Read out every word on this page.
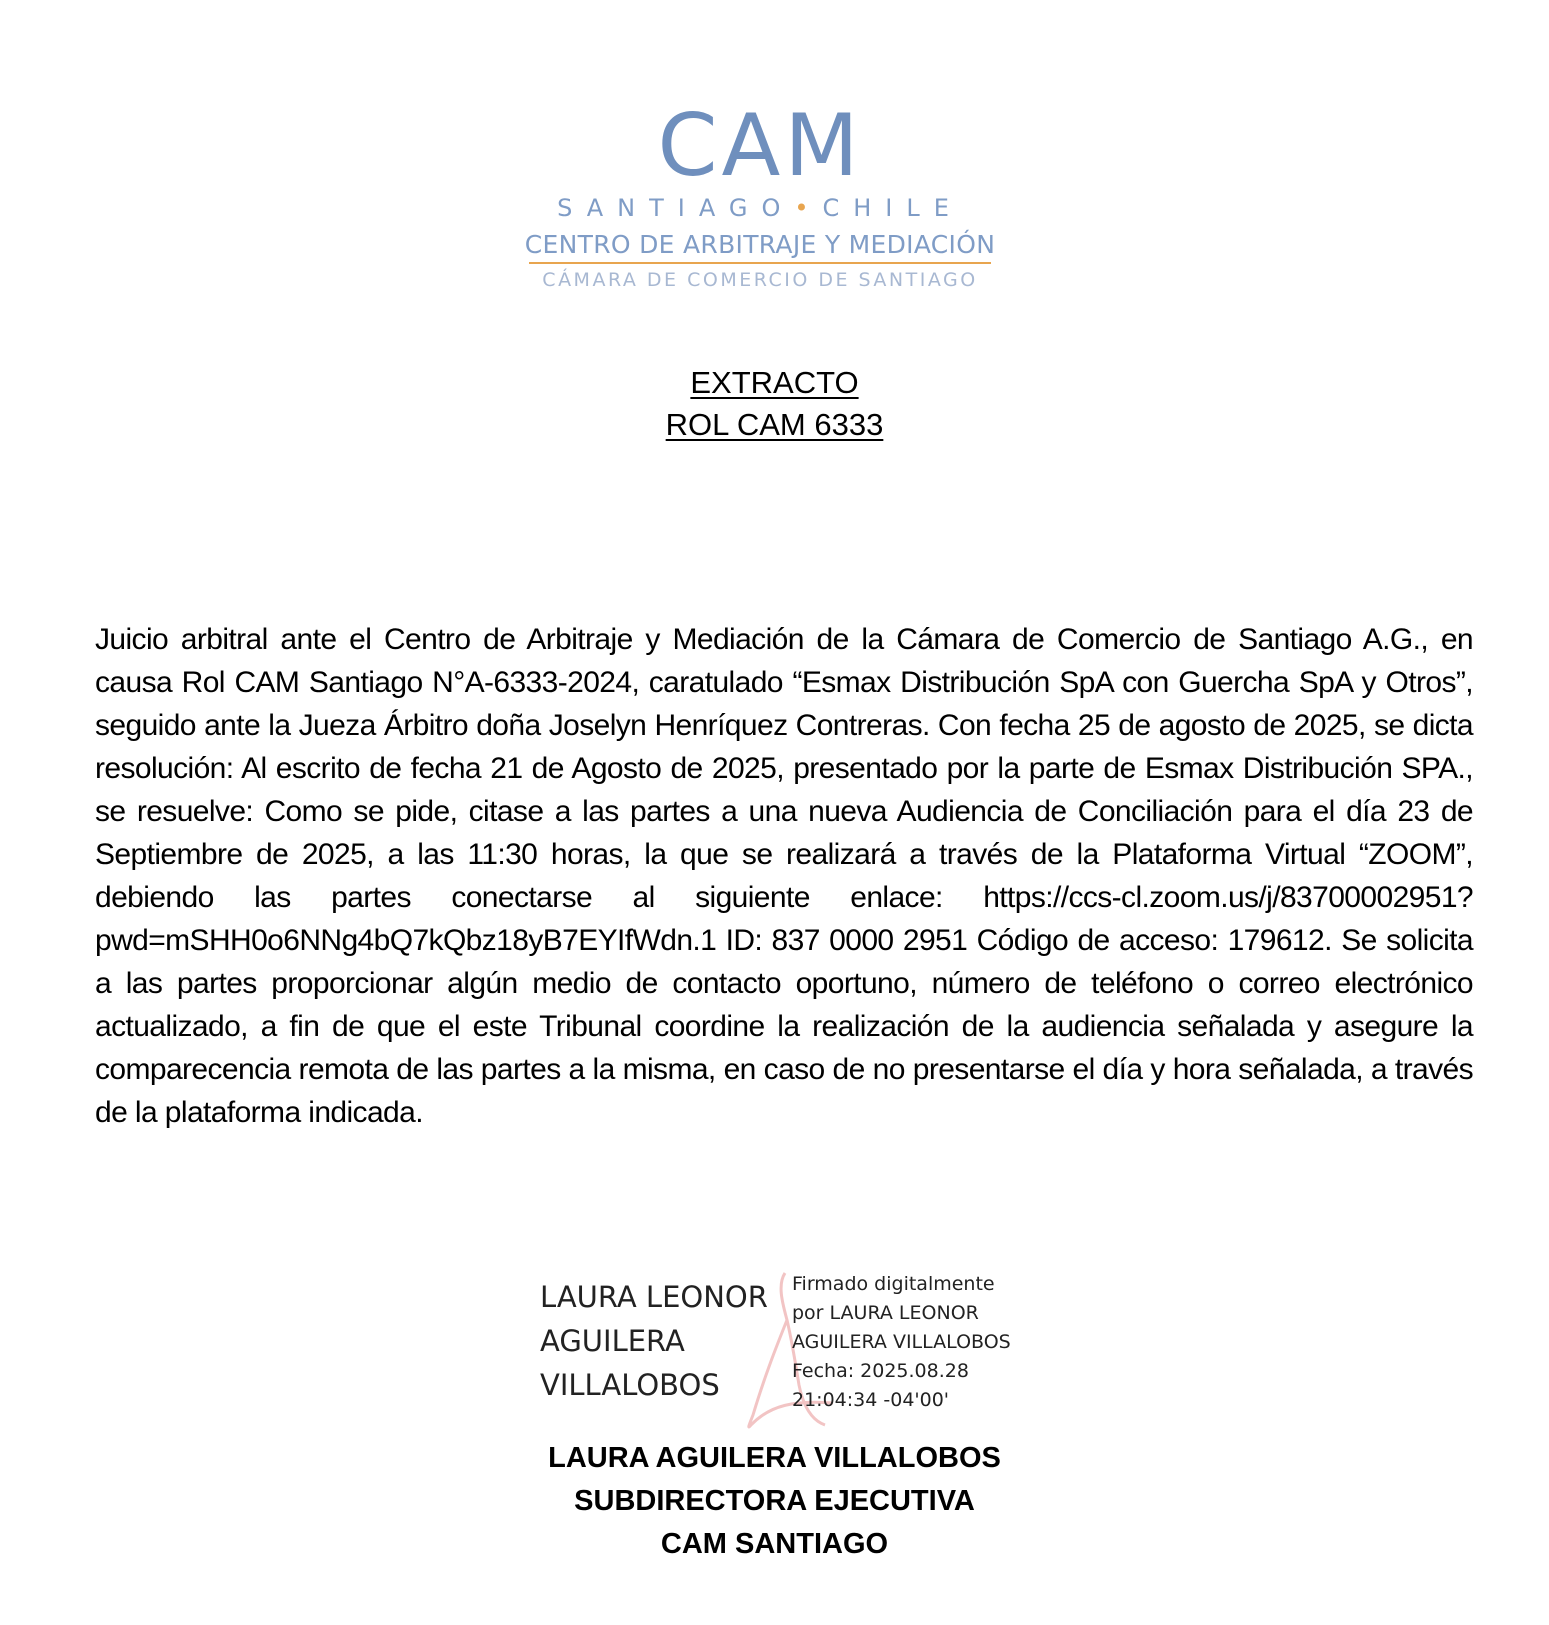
CAM
SANTIAGO•CHILE
CENTRO DE ARBITRAJE Y MEDIACIÓN
CÁMARA DE COMERCIO DE SANTIAGO
EXTRACTO
ROL CAM 6333
Juicio arbitral ante el Centro de Arbitraje y Mediación de la Cámara de Comercio de Santiago A.G., en causa Rol CAM Santiago N°A-6333-2024, caratulado “Esmax Distribución SpA con Guercha SpA y Otros”, seguido ante la Jueza Árbitro doña Joselyn Henríquez Contreras. Con fecha 25 de agosto de 2025, se dicta resolución: Al escrito de fecha 21 de Agosto de 2025, presentado por la parte de Esmax Distribución SPA., se resuelve: Como se pide, citase a las partes a una nueva Audiencia de Conciliación para el día 23 de Septiembre de 2025, a las 11:30 horas, la que se realizará a través de la Plataforma Virtual “ZOOM”, debiendo las partes conectarse al siguiente enlace: https://ccs-cl.zoom.us/j/83700002951?pwd=mSHH0o6NNg4bQ7kQbz18yB7EYIfWdn.1 ID: 837 0000 2951 Código de acceso: 179612. Se solicita a las partes proporcionar algún medio de contacto oportuno, número de teléfono o correo electrónico actualizado, a fin de que el este Tribunal coordine la realización de la audiencia señalada y asegure la comparecencia remota de las partes a la misma, en caso de no presentarse el día y hora señalada, a través de la plataforma indicada.
LAURA LEONOR
AGUILERA
VILLALOBOS
Firmado digitalmente
por LAURA LEONOR
AGUILERA VILLALOBOS
Fecha: 2025.08.28
21:04:34 -04'00'
LAURA AGUILERA VILLALOBOS
SUBDIRECTORA EJECUTIVA
CAM SANTIAGO
